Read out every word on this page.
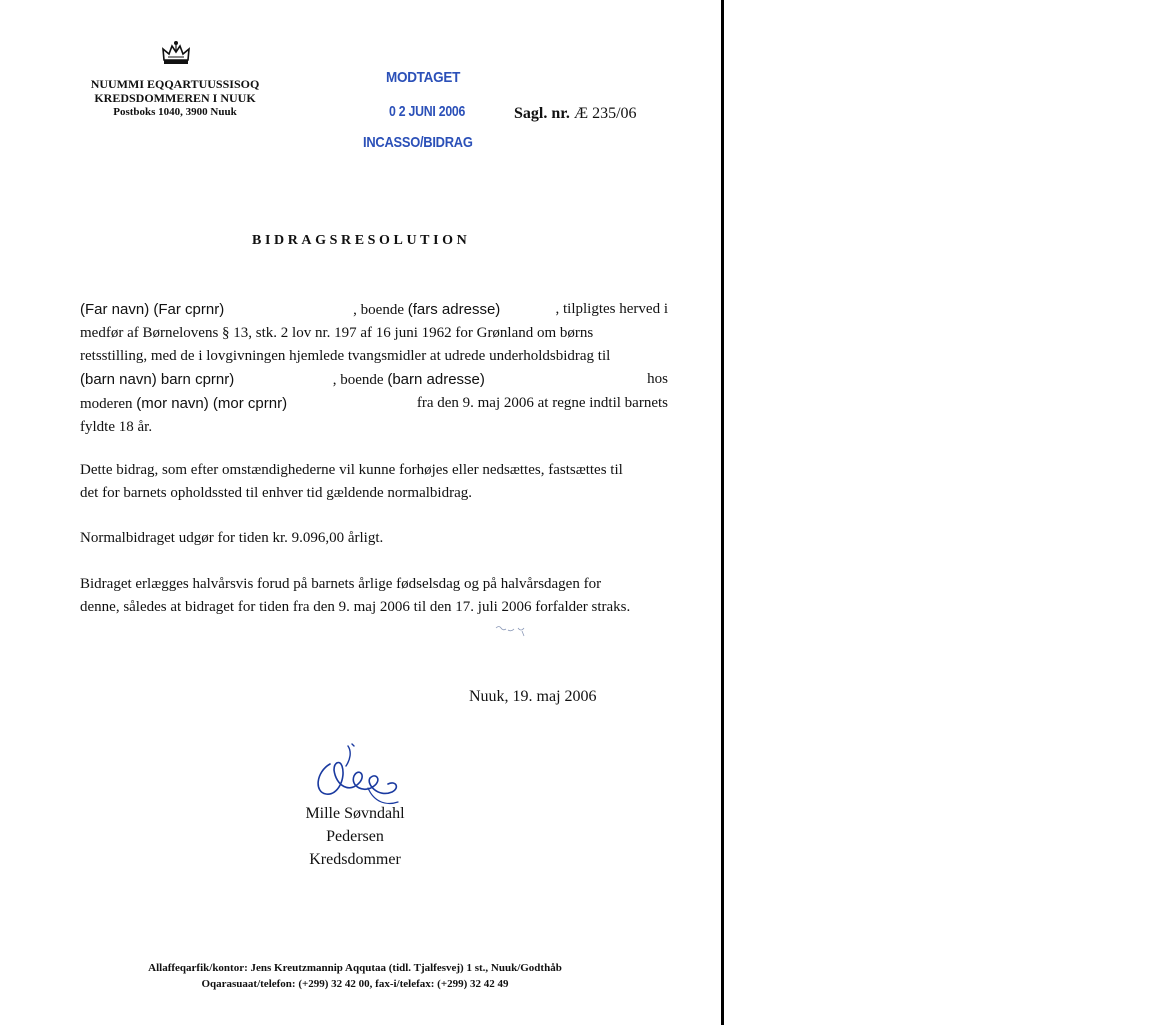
NUUMMI EQQARTUUSSISOQ
KREDSDOMMEREN I NUUK
Postboks 1040, 3900 Nuuk
MODTAGET
0 2 JUNI 2006
INCASSO/BIDRAG
Sagl. nr. Æ 235/06
BIDRAGSRESOLUTION
(Far navn) (Far cprnr)	, boende (fars adresse)	, tilpligtes herved i
medfør af Børnelovens § 13, stk. 2 lov nr. 197 af 16 juni 1962 for Grønland om børns
retsstilling, med de i lovgivningen hjemlede tvangsmidler at udrede underholdsbidrag til
(barn navn) barn cprnr)	, boende (barn adresse)	hos
moderen (mor navn) (mor cprnr)	fra den 9. maj 2006 at regne indtil barnets
fyldte 18 år.
Dette bidrag, som efter omstændighederne vil kunne forhøjes eller nedsættes, fastsættes til
det for barnets opholdssted til enhver tid gældende normalbidrag.
Normalbidraget udgør for tiden kr. 9.096,00 årligt.
Bidraget erlægges halvårsvis forud på barnets årlige fødselsdag og på halvårsdagen for
denne, således at bidraget for tiden fra den 9. maj 2006 til den 17. juli 2006 forfalder straks.
Nuuk, 19. maj 2006
Mille Søvndahl Pedersen
Kredsdommer
Allaffeqarfik/kontor: Jens Kreutzmannip Aqqutaa (tidl. Tjalfesvej) 1 st., Nuuk/Godthåb
Oqarasuaat/telefon: (+299) 32 42 00, fax-i/telefax: (+299) 32 42 49
